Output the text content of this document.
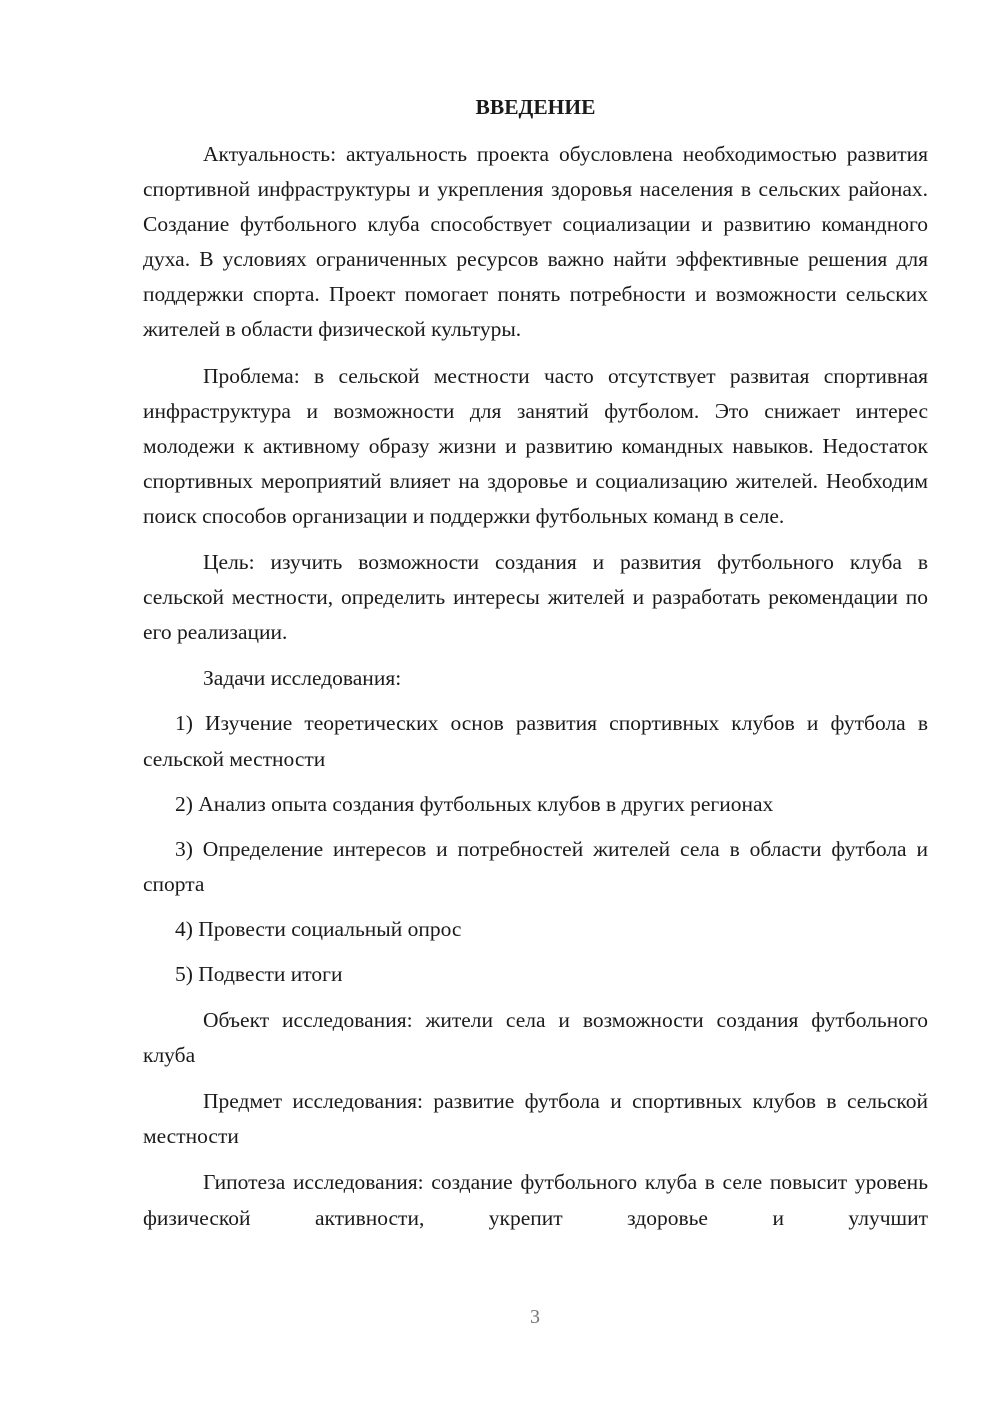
ВВЕДЕНИЕ

Актуальность: актуальность проекта обусловлена необходимостью развития спортивной инфраструктуры и укрепления здоровья населения в сельских районах. Создание футбольного клуба способствует социализации и развитию командного духа. В условиях ограниченных ресурсов важно найти эффективные решения для поддержки спорта. Проект помогает понять потребности и возможности сельских жителей в области физической культуры.

Проблема: в сельской местности часто отсутствует развитая спортивная инфраструктура и возможности для занятий футболом. Это снижает интерес молодежи к активному образу жизни и развитию командных навыков. Недостаток спортивных мероприятий влияет на здоровье и социализацию жителей. Необходим поиск способов организации и поддержки футбольных команд в селе.

Цель: изучить возможности создания и развития футбольного клуба в сельской местности, определить интересы жителей и разработать рекомендации по его реализации.

Задачи исследования:

1) Изучение теоретических основ развития спортивных клубов и футбола в сельской местности

2) Анализ опыта создания футбольных клубов в других регионах

3) Определение интересов и потребностей жителей села в области футбола и спорта

4) Провести социальный опрос

5) Подвести итоги

Объект исследования: жители села и возможности создания футбольного клуба

Предмет исследования: развитие футбола и спортивных клубов в сельской местности

Гипотеза исследования: создание футбольного клуба в селе повысит уровень физической активности, укрепит здоровье и улучшит

3
